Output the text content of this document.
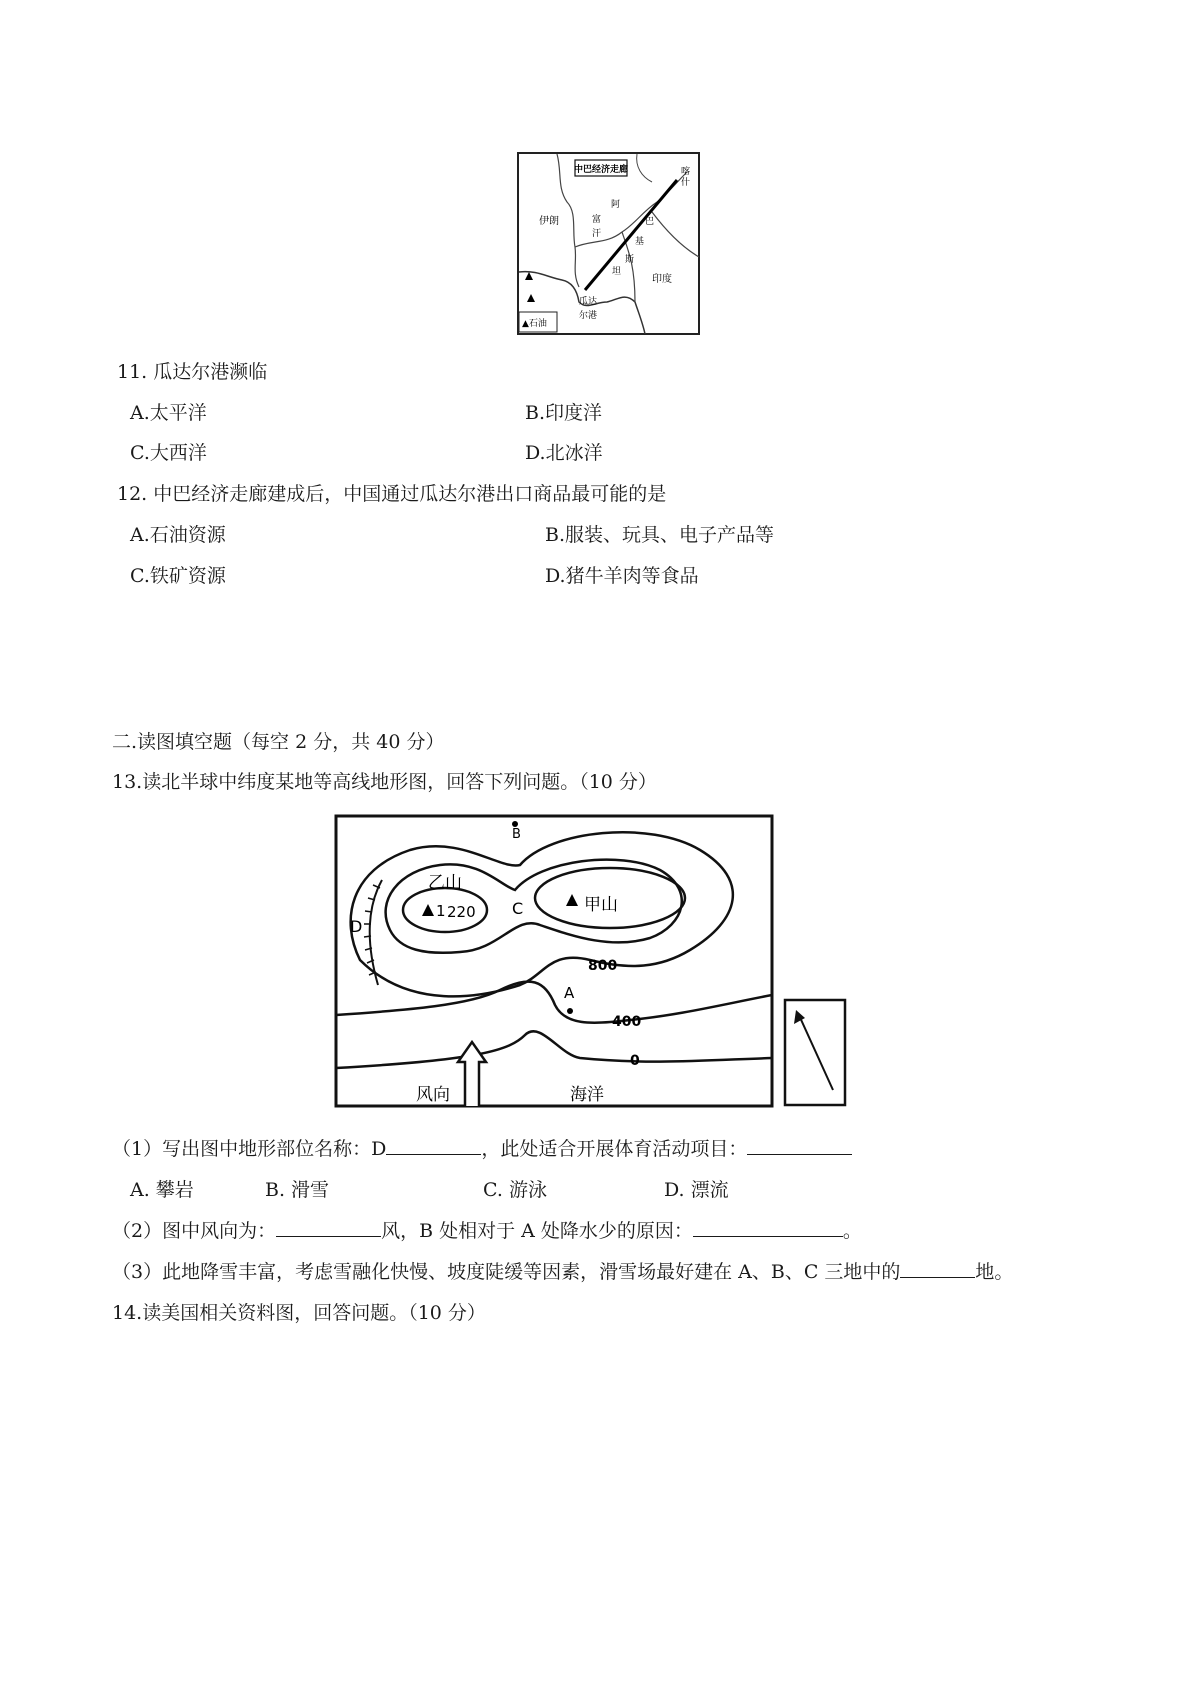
中巴经济走廊	喀
什
伊朗
阿
富
汗
巴
基
斯
坦
印度
瓜达
尔港
▲石油
11. 瓜达尔港濒临
A.太平洋	B.印度洋
C.大西洋	D.北冰洋
12. 中巴经济走廊建成后，中国通过瓜达尔港出口商品最可能的是
A.石油资源	B.服装、玩具、电子产品等
C.铁矿资源	D.猪牛羊肉等食品
二.读图填空题（每空 2 分，共 40 分）
13.读北半球中纬度某地等高线地形图，回答下列问题。（10 分）
1 220
乙山
甲山
C
D
A
B
800
400
0
风向	海洋
（1）写出图中地形部位名称：D	，此处适合开展体育活动项目：
A. 攀岩	B. 滑雪	C. 游泳	D. 漂流
（2）图中风向为：	风，B 处相对于 A 处降水少的原因：	。
（3）此地降雪丰富，考虑雪融化快慢、坡度陡缓等因素，滑雪场最好建在 A、B、C 三地中的	地。
14.读美国相关资料图，回答问题。（10 分）
